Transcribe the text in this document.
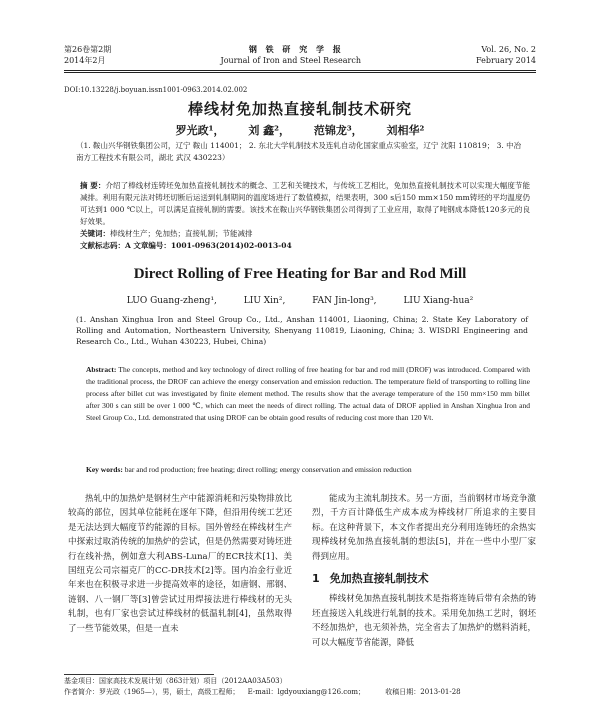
第26卷第2期	钢 铁 研 究 学 报	Vol. 26, No. 2
2014年2月	Journal of Iron and Steel Research	February 2014
DOI:10.13228/j.boyuan.issn1001-0963.2014.02.002
棒线材免加热直接轧制技术研究
罗光政¹， 刘 鑫²， 范锦龙³， 刘相华²
（1. 鞍山兴华钢铁集团公司，辽宁 鞍山 114001； 2. 东北大学轧制技术及连轧自动化国家重点实验室，辽宁 沈阳 110819； 3. 中冶南方工程技术有限公司，湖北 武汉 430223）
摘 要：介绍了棒线材连铸坯免加热直接轧制技术的概念、工艺和关键技术，与传统工艺相比，免加热直接轧制技术可以实现大幅度节能减排。利用有限元法对铸坯切断后运送到轧制期间的温度场进行了数值模拟，结果表明，300 s后150 mm×150 mm铸坯的平均温度仍可达到1 000 ℃以上，可以满足直接轧制的需要。该技术在鞍山兴华钢铁集团公司得到了工业应用，取得了吨钢成本降低120多元的良好效果。
关键词：棒线材生产；免加热；直接轧制；节能减排
文献标志码：A 文章编号：1001-0963(2014)02-0013-04
Direct Rolling of Free Heating for Bar and Rod Mill
LUO Guang-zheng¹,	LIU Xin²,	FAN Jin-long³,	LIU Xiang-hua²
(1. Anshan Xinghua Iron and Steel Group Co., Ltd., Anshan 114001, Liaoning, China; 2. State Key Laboratory of Rolling and Automation, Northeastern University, Shenyang 110819, Liaoning, China; 3. WISDRI Engineering and Research Co., Ltd., Wuhan 430223, Hubei, China)
Abstract: The concepts, method and key technology of direct rolling of free heating for bar and rod mill (DROF) was introduced. Compared with the traditional process, the DROF can achieve the energy conservation and emission reduction. The temperature field of transporting to rolling line process after billet cut was investigated by finite element method. The results show that the average temperature of the 150 mm×150 mm billet after 300 s can still be over 1 000 ℃, which can meet the needs of direct rolling. The actual data of DROF applied in Anshan Xinghua Iron and Steel Group Co., Ltd. demonstrated that using DROF can be obtain good results of reducing cost more than 120 ¥/t.
Key words: bar and rod production; free heating; direct rolling; energy conservation and emission reduction

热轧中的加热炉是钢材生产中能源消耗和污染物排放比较高的部位，因其单位能耗在逐年下降，但沿用传统工艺还是无法达到大幅度节约能源的目标。国外曾经在棒线材生产中探索过取消传统的加热炉的尝试，但是仍然需要对铸坯进行在线补热，例如意大利ABS-Luna厂的ECR技术[1]、美国纽克公司宗福克厂的CC-DR技术[2]等。国内冶金行业近年来也在积极寻求进一步提高效率的途径，如唐钢、邢钢、涟钢、八一钢厂等[3]曾尝试过用焊接法进行棒线材的无头轧制，也有厂家也尝试过棒线材的低温轧制[4]，虽然取得了一些节能效果，但是一直未

能成为主流轧制技术。另一方面，当前钢材市场竞争激烈，千方百计降低生产成本成为棒线材厂所追求的主要目标。在这种背景下，本文作者提出充分利用连铸坯的余热实现棒线材免加热直接轧制的想法[5]，并在一些中小型厂家得到应用。

1 免加热直接轧制技术

棒线材免加热直接轧制技术是指将连铸后带有余热的铸坯直接送入轧线进行轧制的技术。采用免加热工艺时，钢坯不经加热炉，也无须补热，完全省去了加热炉的燃料消耗，可以大幅度节省能源，降低

基金项目：国家高技术发展计划（863计划）项目（2012AA03A503）
作者简介：罗光政（1965—），男，硕士，高级工程师； E-mail：lgdyouxiang@126.com；	收稿日期：2013-01-28
